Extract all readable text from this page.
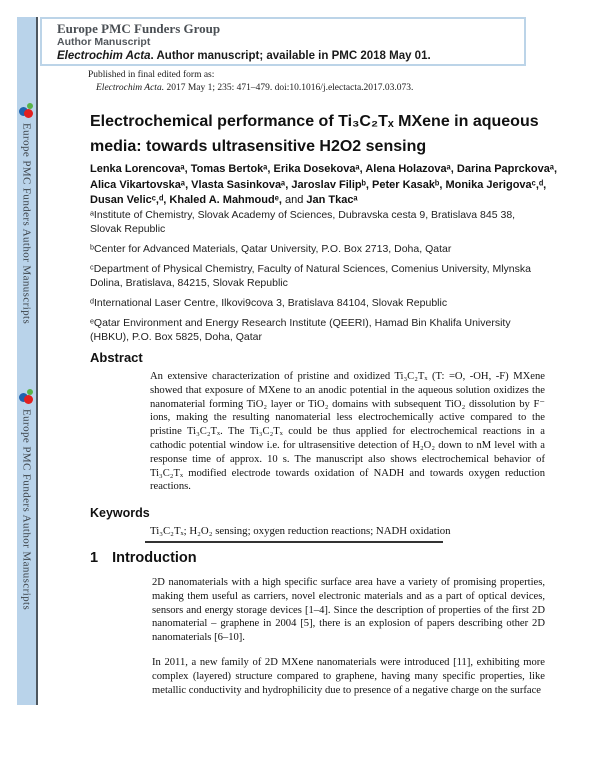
Europe PMC Funders Author Manuscripts
Europe PMC Funders Author Manuscripts
Europe PMC Funders Group
Author Manuscript
Electrochim Acta. Author manuscript; available in PMC 2018 May 01.
Published in final edited form as:
Electrochim Acta. 2017 May 1; 235: 471–479. doi:10.1016/j.electacta.2017.03.073.
Electrochemical performance of Ti₃C₂Tₓ MXene in aqueous
media: towards ultrasensitive H2O2 sensing
Lenka Lorencovaᵃ, Tomas Bertokᵃ, Erika Dosekovaᵃ, Alena Holazovaᵃ, Darina Paprckovaᵃ,
Alica Vikartovskaᵃ, Vlasta Sasinkovaᵃ, Jaroslav Filipᵇ, Peter Kasakᵇ, Monika Jerigovaᶜ,ᵈ,
Dusan Velicᶜ,ᵈ, Khaled A. Mahmoudᵉ, and Jan Tkacᵃ
ᵃInstitute of Chemistry, Slovak Academy of Sciences, Dubravska cesta 9, Bratislava 845 38, Slovak Republic
ᵇCenter for Advanced Materials, Qatar University, P.O. Box 2713, Doha, Qatar
ᶜDepartment of Physical Chemistry, Faculty of Natural Sciences, Comenius University, Mlynska Dolina, Bratislava, 84215, Slovak Republic
ᵈInternational Laser Centre, Ilkovi9cova 3, Bratislava 84104, Slovak Republic
ᵉQatar Environment and Energy Research Institute (QEERI), Hamad Bin Khalifa University (HBKU), P.O. Box 5825, Doha, Qatar
Abstract
An extensive characterization of pristine and oxidized Ti₃C₂Tₓ (T: =O, -OH, -F) MXene showed that exposure of MXene to an anodic potential in the aqueous solution oxidizes the nanomaterial forming TiO₂ layer or TiO₂ domains with subsequent TiO₂ dissolution by F⁻ ions, making the resulting nanomaterial less electrochemically active compared to the pristine Ti₃C₂Tₓ. The Ti₃C₂Tₓ could be thus applied for electrochemical reactions in a cathodic potential window i.e. for ultrasensitive detection of H₂O₂ down to nM level with a response time of approx. 10 s. The manuscript also shows electrochemical behavior of Ti₃C₂Tₓ modified electrode towards oxidation of NADH and towards oxygen reduction reactions.
Keywords
Ti₃C₂Tₓ; H₂O₂ sensing; oxygen reduction reactions; NADH oxidation
1 Introduction
2D nanomaterials with a high specific surface area have a variety of promising properties, making them useful as carriers, novel electronic materials and as a part of optical devices, sensors and energy storage devices [1–4]. Since the description of properties of the first 2D nanomaterial – graphene in 2004 [5], there is an explosion of papers describing other 2D nanomaterials [6–10].
In 2011, a new family of 2D MXene nanomaterials were introduced [11], exhibiting more complex (layered) structure compared to graphene, having many specific properties, like metallic conductivity and hydrophilicity due to presence of a negative charge on the surface
